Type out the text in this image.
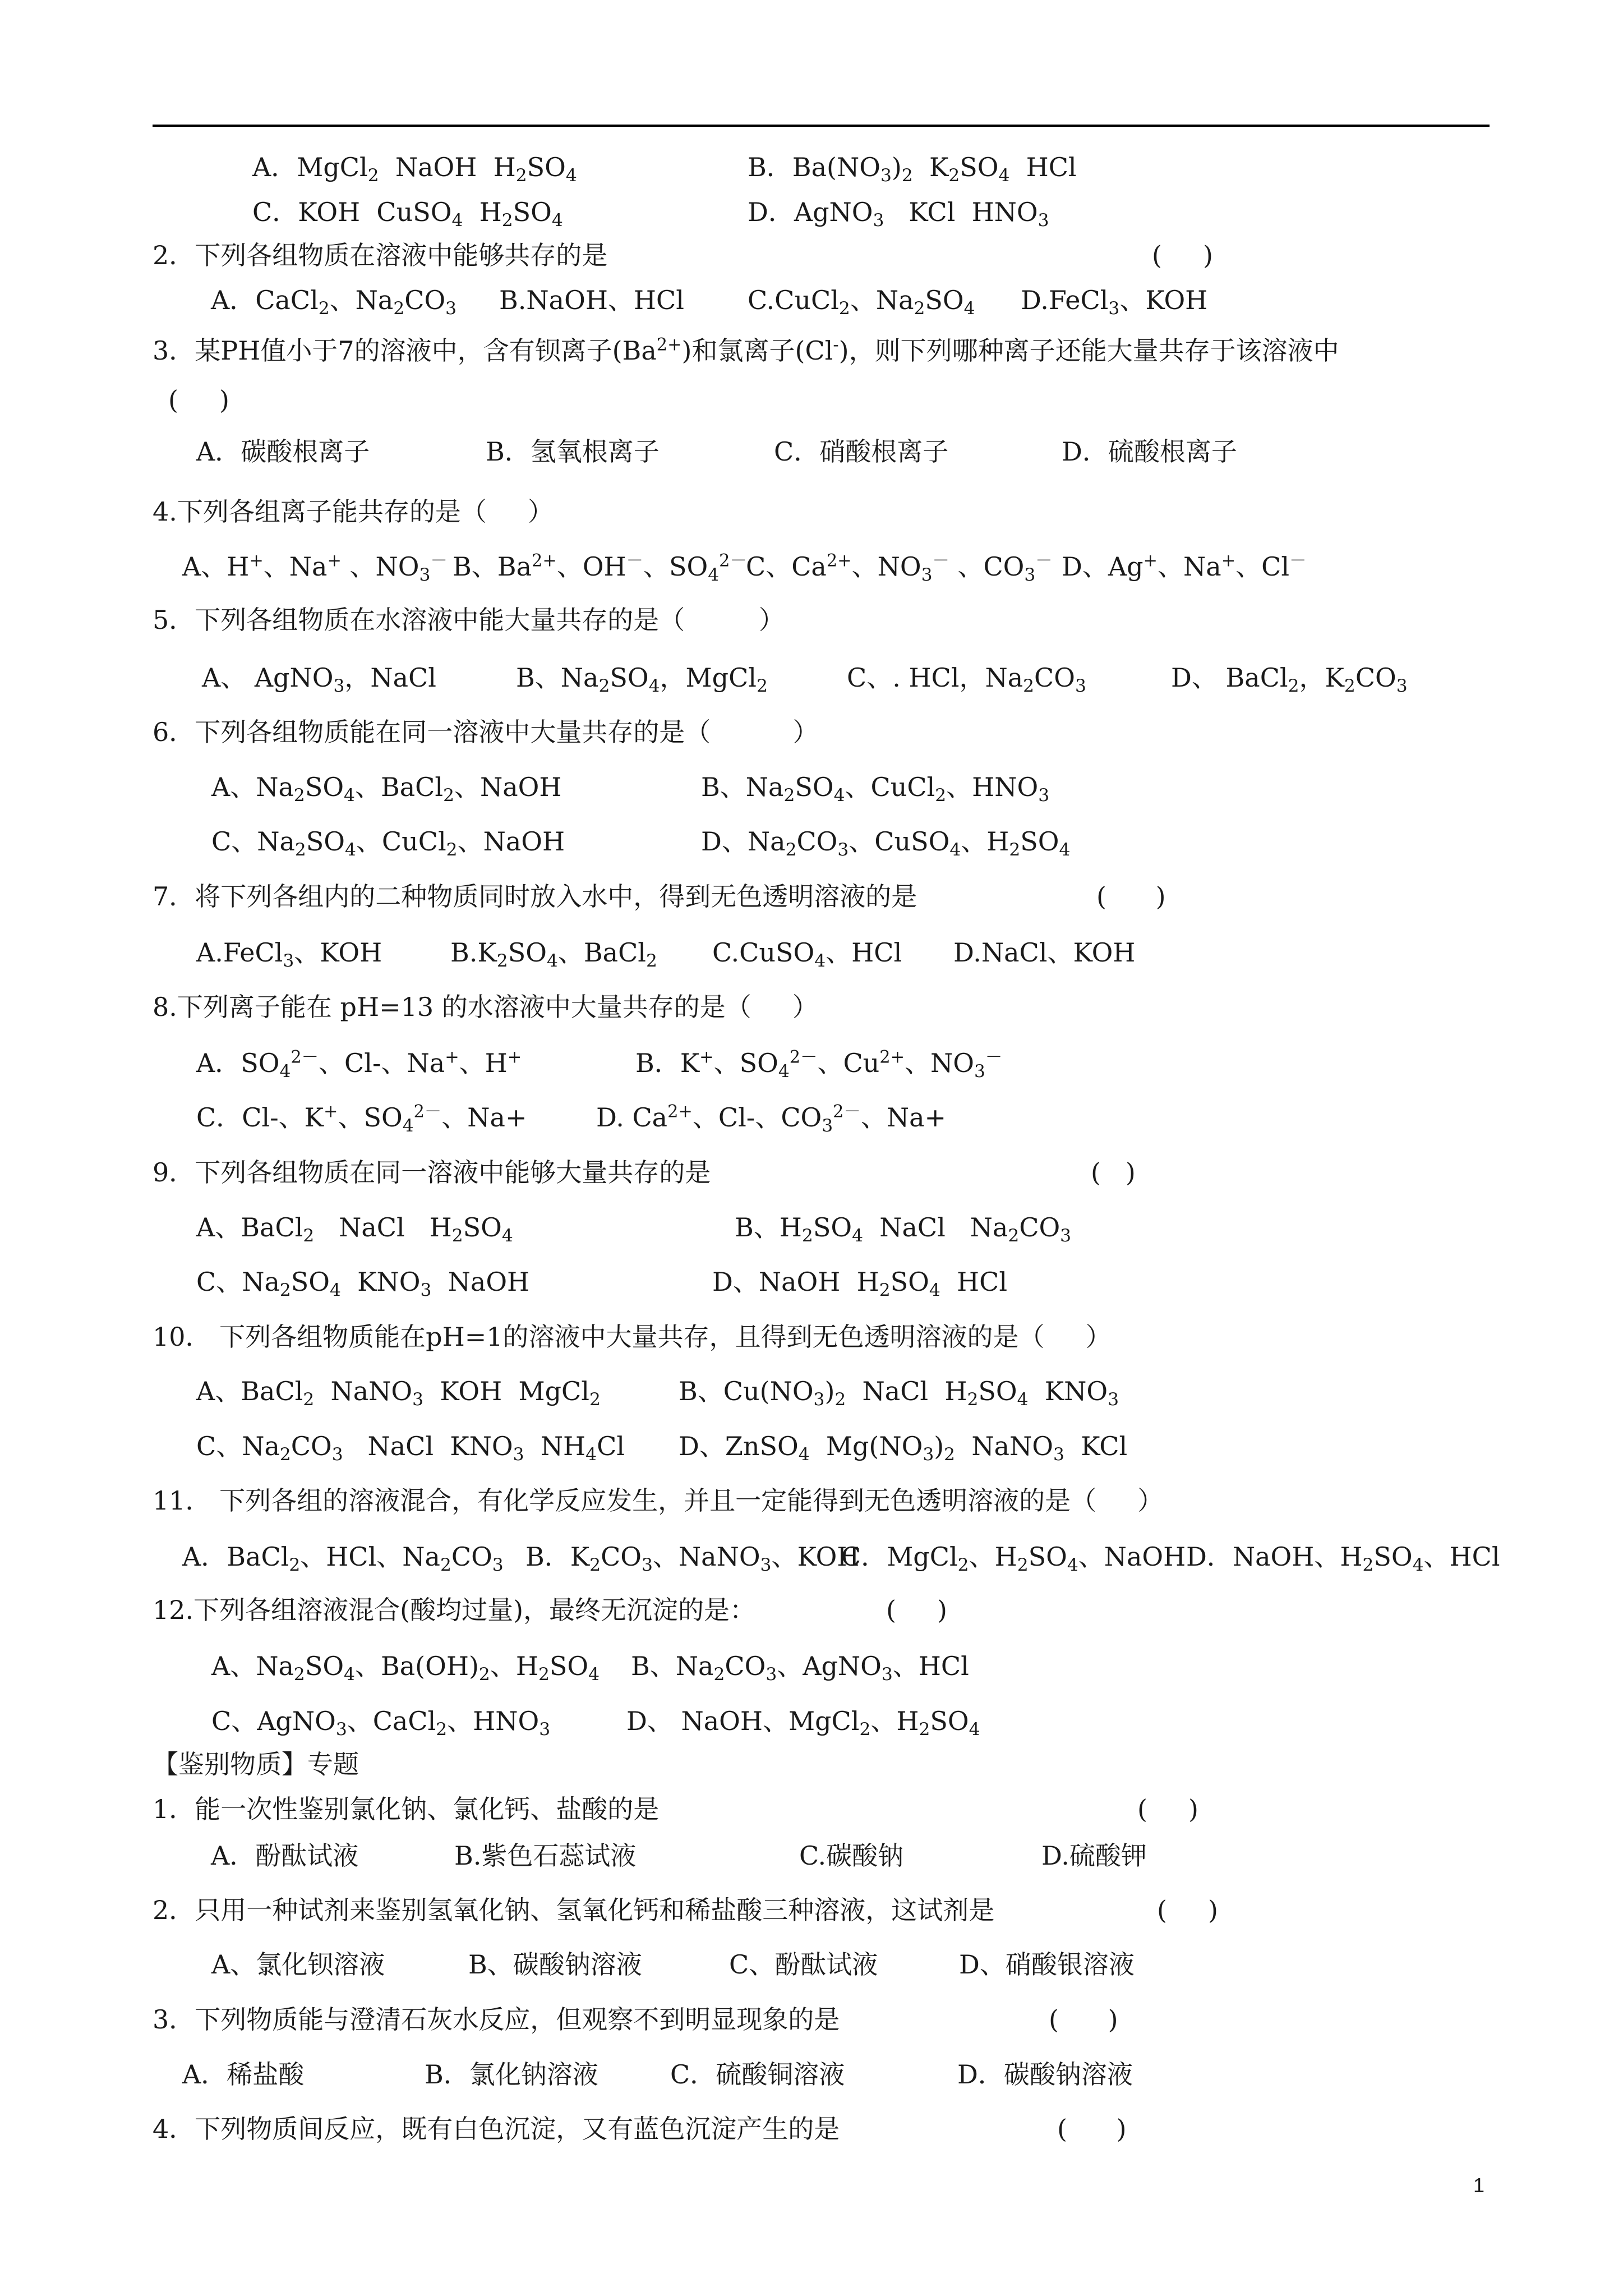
A．MgCl$_2$  NaOH  $H_2SO_4$	B．$Ba(NO_3)_2$  $K_2SO_4$  HCl
C．KOH  CuSO$_4$  $H_2SO_4$	D．AgNO$_3$   KCl  $HNO_3$
2．下列各组物质在溶液中能够共存的是	(     )
A．CaCl$_2$、$Na_2CO_3$ B.NaOH、HCl C.CuCl$_2$、$Na_2SO_4$ D.FeCl$_3$、KOH
3．某PH值小于7的溶液中，含有钡离子$(Ba^{2+})$和氯离子(Cl-)，则下列哪种离子还能大量共存于该溶液中
(     )
A．碳酸根离子	B．氢氧根离子	C．硝酸根离子	D．硫酸根离子
4.下列各组离子能共存的是（     ）
A、H+、Na+ 、$NO_3^-$ B、$Ba^{2+}$、OH－、$SO_4^{2-}$
C、$Ca^{2+}$、$NO_3^-$ 、$CO_3^-$ D、Ag+、Na+、Cl－
5．下列各组物质在水溶液中能大量共存的是（         ）
A、 AgNO$_3$，NaCl	B、$Na_2SO_4$，MgCl$_2$	C、. HCl，$Na_2CO_3$	D、 BaCl$_2$，$K_2CO_3$
6．下列各组物质能在同一溶液中大量共存的是（          ）
A、$Na_2SO_4$、BaCl$_2$、NaOH	B、$Na_2SO_4$、CuCl$_2$、$HNO_3$
C、$Na_2SO_4$、CuCl$_2$、NaOH	D、$Na_2CO_3$、CuSO$_4$、$H_2SO_4$
7．将下列各组内的二种物质同时放入水中，得到无色透明溶液的是	(      )
A.FeCl$_3$、KOH	$B.K_2SO_4$、BaCl$_2$ C.CuSO$_4$、HCl D.NaCl、KOH
8.下列离子能在 pH=13 的水溶液中大量共存的是（     ）
A．$SO_4^{2-}$、Cl-、Na+、H+	B．K+、$SO_4^{2-}$、$Cu^{2+}$、$NO_3^-$
C．Cl-、K+、$SO_4^{2-}$、Na+	D. $Ca^{2+}$、Cl-、$CO_3^{2-}$、Na+
9．下列各组物质在同一溶液中能够大量共存的是	(   )
A、BaCl$_2$   NaCl   $H_2SO_4$	B、$H_2SO_4$  NaCl   $Na_2CO_3$
C、$Na_2SO_4$  $KNO_3$  NaOH	D、NaOH  $H_2SO_4$  HCl
10． 下列各组物质能在pH=1的溶液中大量共存，且得到无色透明溶液的是（     ）
A、BaCl$_2$  NaNO$_3$  KOH  MgCl$_2$	B、$Cu(NO_3)_2$  NaCl  $H_2SO_4$  $KNO_3$
C、$Na_2CO_3$   NaCl  $KNO_3$  $NH_4Cl$ D、ZnSO$_4$  $Mg(NO_3)_2$  NaNO$_3$  KCl
11． 下列各组的溶液混合，有化学反应发生，并且一定能得到无色透明溶液的是（     ）
A．BaCl$_2$、HCl、$Na_2CO_3$ B．$K_2CO_3$、NaNO$_3$、KOH
C．MgCl$_2$、$H_2SO_4$、NaOH D．NaOH、$H_2SO_4$、HCl
12.下列各组溶液混合(酸均过量)，最终无沉淀的是：	(     )
A、$Na_2SO_4$、$Ba(OH)_2$、$H_2SO_4$ B、$Na_2CO_3$、AgNO$_3$、HCl
C、AgNO$_3$、CaCl$_2$、$HNO_3$	D、 NaOH、MgCl$_2$、$H_2SO_4$
【鉴别物质】专题
1．能一次性鉴别氯化钠、氯化钙、盐酸的是	(     )
A．酚酞试液	B.紫色石蕊试液	C.碳酸钠	D.硫酸钾
2．只用一种试剂来鉴别氢氧化钠、氢氧化钙和稀盐酸三种溶液，这试剂是	(     )
A、氯化钡溶液	B、碳酸钠溶液	C、酚酞试液	D、硝酸银溶液
3．下列物质能与澄清石灰水反应，但观察不到明显现象的是	(      )
A．稀盐酸	B．氯化钠溶液	C．硫酸铜溶液	D．碳酸钠溶液
4．下列物质间反应，既有白色沉淀，又有蓝色沉淀产生的是	(      )
1
